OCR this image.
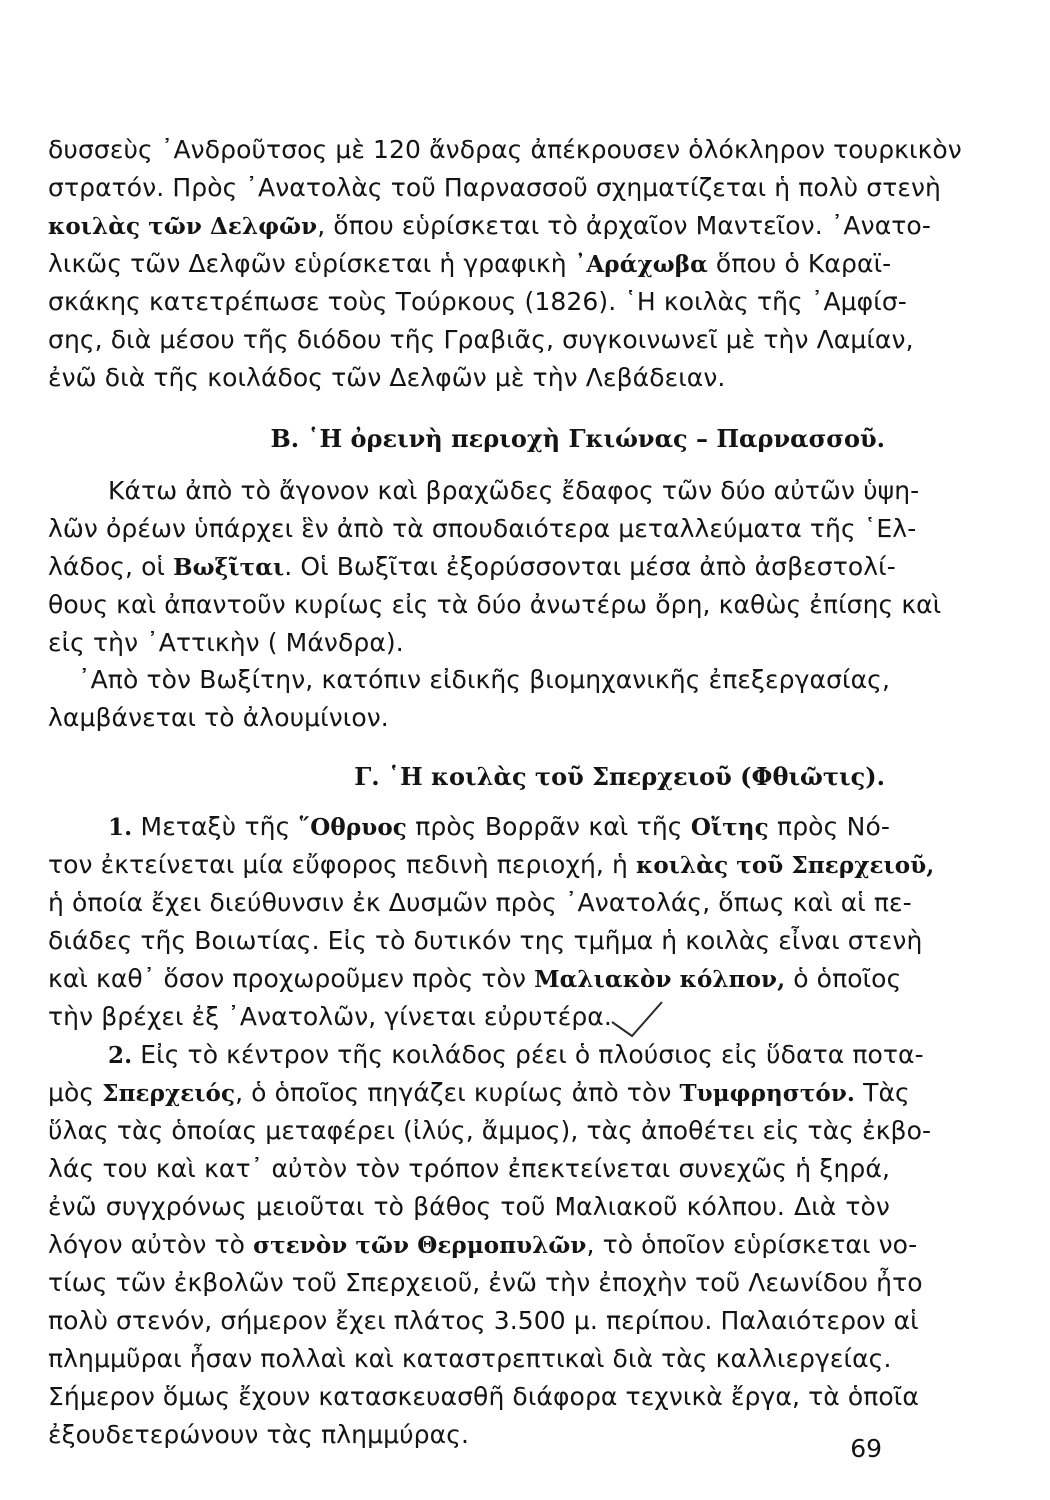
δυσσεὺς ᾿Ανδροῦτσος μὲ 120 ἄνδρας ἀπέκρουσεν ὁλόκληρον τουρκικὸν
στρατόν. Πρὸς ᾿Ανατολὰς τοῦ Παρνασσοῦ σχηματίζεται ἡ πολὺ στενὴ
κοιλὰς τῶν Δελφῶν, ὅπου εὑρίσκεται τὸ ἀρχαῖον Μαντεῖον. ᾿Ανατο-
λικῶς τῶν Δελφῶν εὑρίσκεται ἡ γραφικὴ ᾿Αράχωβα ὅπου ὁ Καραϊ-
σκάκης κατετρέπωσε τοὺς Τούρκους (1826). ῾Η κοιλὰς τῆς ᾿Αμφίσ-
σης, διὰ μέσου τῆς διόδου τῆς Γραβιᾶς, συγκοινωνεῖ μὲ τὴν Λαμίαν,
ἐνῶ διὰ τῆς κοιλάδος τῶν Δελφῶν μὲ τὴν Λεβάδειαν.
Β. ῾Η ὀρεινὴ περιοχὴ Γκιώνας – Παρνασσοῦ.
Κάτω ἀπὸ τὸ ἄγονον καὶ βραχῶδες ἔδαφος τῶν δύο αὐτῶν ὑψη-
λῶν ὀρέων ὑπάρχει ἓν ἀπὸ τὰ σπουδαιότερα μεταλλεύματα τῆς ῾Ελ-
λάδος, οἱ Βωξῖται. Οἱ Βωξῖται ἐξορύσσονται μέσα ἀπὸ ἀσβεστολί-
θους καὶ ἀπαντοῦν κυρίως εἰς τὰ δύο ἀνωτέρω ὄρη, καθὼς ἐπίσης καὶ
εἰς τὴν ᾿Αττικὴν ( Μάνδρα).
᾿Απὸ τὸν Βωξίτην, κατόπιν εἰδικῆς βιομηχανικῆς ἐπεξεργασίας,
λαμβάνεται τὸ ἀλουμίνιον.
Γ. ῾Η κοιλὰς τοῦ Σπερχειοῦ (Φθιῶτις).
1. Μεταξὺ τῆς ῞Οθρυος πρὸς Βορρᾶν καὶ τῆς Οἴτης πρὸς Νό-
τον ἐκτείνεται μία εὔφορος πεδινὴ περιοχή, ἡ κοιλὰς τοῦ Σπερχειοῦ,
ἡ ὁποία ἔχει διεύθυνσιν ἐκ Δυσμῶν πρὸς ᾿Ανατολάς, ὅπως καὶ αἱ πε-
διάδες τῆς Βοιωτίας. Εἰς τὸ δυτικόν της τμῆμα ἡ κοιλὰς εἶναι στενὴ
καὶ καθ᾿ ὅσον προχωροῦμεν πρὸς τὸν Μαλιακὸν κόλπον, ὁ ὁποῖος
τὴν βρέχει ἐξ ᾿Ανατολῶν, γίνεται εὐρυτέρα.
2. Εἰς τὸ κέντρον τῆς κοιλάδος ρέει ὁ πλούσιος εἰς ὕδατα ποτα-
μὸς Σπερχειός, ὁ ὁποῖος πηγάζει κυρίως ἀπὸ τὸν Τυμφρηστόν. Τὰς
ὕλας τὰς ὁποίας μεταφέρει (ἰλύς, ἄμμος), τὰς ἀποθέτει εἰς τὰς ἐκβο-
λάς του καὶ κατ᾿ αὐτὸν τὸν τρόπον ἐπεκτείνεται συνεχῶς ἡ ξηρά,
ἐνῶ συγχρόνως μειοῦται τὸ βάθος τοῦ Μαλιακοῦ κόλπου. Διὰ τὸν
λόγον αὐτὸν τὸ στενὸν τῶν Θερμοπυλῶν, τὸ ὁποῖον εὑρίσκεται νο-
τίως τῶν ἐκβολῶν τοῦ Σπερχειοῦ, ἐνῶ τὴν ἐποχὴν τοῦ Λεωνίδου ἦτο
πολὺ στενόν, σήμερον ἔχει πλάτος 3.500 μ. περίπου. Παλαιότερον αἱ
πλημμῦραι ἦσαν πολλαὶ καὶ καταστρεπτικαὶ διὰ τὰς καλλιεργείας.
Σήμερον ὅμως ἔχουν κατασκευασθῆ διάφορα τεχνικὰ ἔργα, τὰ ὁποῖα
ἐξουδετερώνουν τὰς πλημμύρας.	69
